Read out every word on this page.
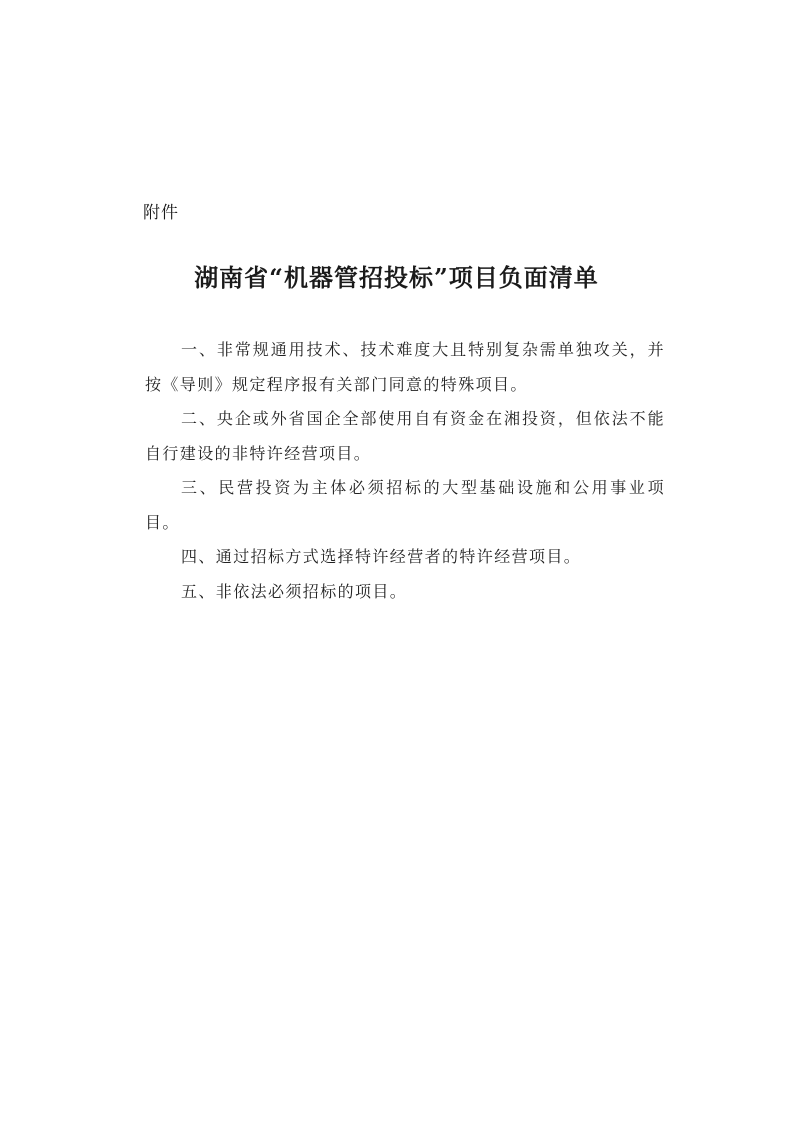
附件
湖南省“机器管招投标”项目负面清单

一、非常规通用技术、技术难度大且特别复杂需单独攻关，并按《导则》规定程序报有关部门同意的特殊项目。

二、央企或外省国企全部使用自有资金在湘投资，但依法不能自行建设的非特许经营项目。

三、民营投资为主体必须招标的大型基础设施和公用事业项目。

四、通过招标方式选择特许经营者的特许经营项目。

五、非依法必须招标的项目。
